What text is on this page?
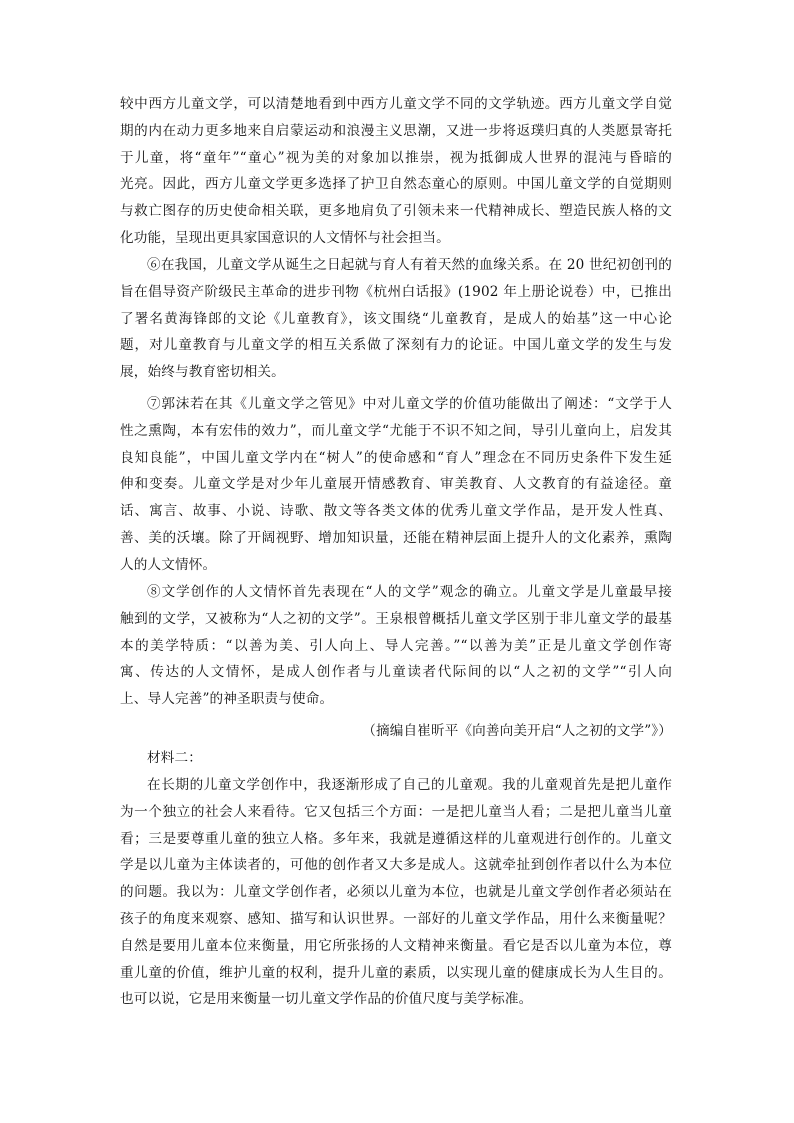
较中西方儿童文学，可以清楚地看到中西方儿童文学不同的文学轨迹。西方儿童文学自觉
期的内在动力更多地来自启蒙运动和浪漫主义思潮，又进一步将返璞归真的人类愿景寄托
于儿童，将“童年”“童心”视为美的对象加以推崇，视为抵御成人世界的混沌与昏暗的
光亮。因此，西方儿童文学更多选择了护卫自然态童心的原则。中国儿童文学的自觉期则
与救亡图存的历史使命相关联，更多地肩负了引领未来一代精神成长、塑造民族人格的文
化功能，呈现出更具家国意识的人文情怀与社会担当。
⑥在我国，儿童文学从诞生之日起就与育人有着天然的血缘关系。在 20 世纪初创刊的
旨在倡导资产阶级民主革命的进步刊物《杭州白话报》(1902 年上册论说卷）中，已推出
了署名黄海锋郎的文论《儿童教育》，该文围绕“儿童教育，是成人的始基”这一中心论
题，对儿童教育与儿童文学的相互关系做了深刻有力的论证。中国儿童文学的发生与发
展，始终与教育密切相关。
⑦郭沫若在其《儿童文学之管见》中对儿童文学的价值功能做出了阐述：“文学于人
性之熏陶，本有宏伟的效力”，而儿童文学“尤能于不识不知之间，导引儿童向上，启发其
良知良能”，中国儿童文学内在“树人”的使命感和“育人”理念在不同历史条件下发生延
伸和变奏。儿童文学是对少年儿童展开情感教育、审美教育、人文教育的有益途径。童
话、寓言、故事、小说、诗歌、散文等各类文体的优秀儿童文学作品，是开发人性真、
善、美的沃壤。除了开阔视野、增加知识量，还能在精神层面上提升人的文化素养，熏陶
人的人文情怀。
⑧文学创作的人文情怀首先表现在“人的文学”观念的确立。儿童文学是儿童最早接
触到的文学，又被称为“人之初的文学”。王泉根曾概括儿童文学区别于非儿童文学的最基
本的美学特质：“以善为美、引人向上、导人完善。”“以善为美”正是儿童文学创作寄
寓、传达的人文情怀，是成人创作者与儿童读者代际间的以“人之初的文学”“引人向
上、导人完善”的神圣职责与使命。
（摘编自崔昕平《向善向美开启“人之初的文学”》）
材料二：
在长期的儿童文学创作中，我逐渐形成了自己的儿童观。我的儿童观首先是把儿童作
为一个独立的社会人来看待。它又包括三个方面：一是把儿童当人看；二是把儿童当儿童
看；三是要尊重儿童的独立人格。多年来，我就是遵循这样的儿童观进行创作的。儿童文
学是以儿童为主体读者的，可他的创作者又大多是成人。这就牵扯到创作者以什么为本位
的问题。我以为：儿童文学创作者，必须以儿童为本位，也就是儿童文学创作者必须站在
孩子的角度来观察、感知、描写和认识世界。一部好的儿童文学作品，用什么来衡量呢？
自然是要用儿童本位来衡量，用它所张扬的人文精神来衡量。看它是否以儿童为本位，尊
重儿童的价值，维护儿童的权利，提升儿童的素质，以实现儿童的健康成长为人生目的。
也可以说，它是用来衡量一切儿童文学作品的价值尺度与美学标准。
